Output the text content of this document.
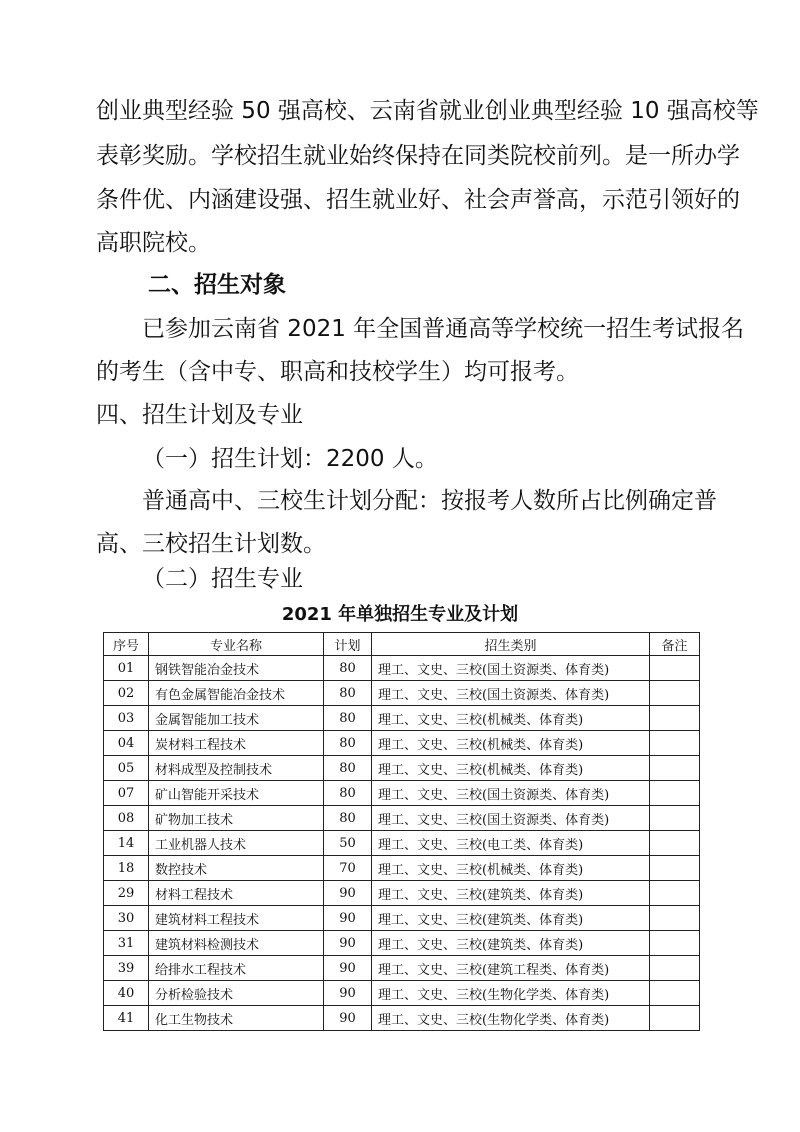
创业典型经验 50 强高校、云南省就业创业典型经验 10 强高校等
表彰奖励。学校招生就业始终保持在同类院校前列。是一所办学
条件优、内涵建设强、招生就业好、社会声誉高，示范引领好的
高职院校。
二、招生对象
已参加云南省 2021 年全国普通高等学校统一招生考试报名
的考生（含中专、职高和技校学生）均可报考。
四、招生计划及专业
（一）招生计划：2200 人。
普通高中、三校生计划分配：按报考人数所占比例确定普
高、三校招生计划数。
（二）招生专业
2021 年单独招生专业及计划
序号	专业名称	计划	招生类别	备注
01	钢铁智能冶金技术	80	理工、文史、三校(国土资源类、体育类)	
02	有色金属智能冶金技术	80	理工、文史、三校(国土资源类、体育类)	
03	金属智能加工技术	80	理工、文史、三校(机械类、体育类)	
04	炭材料工程技术	80	理工、文史、三校(机械类、体育类)	
05	材料成型及控制技术	80	理工、文史、三校(机械类、体育类)	
07	矿山智能开采技术	80	理工、文史、三校(国土资源类、体育类)	
08	矿物加工技术	80	理工、文史、三校(国土资源类、体育类)	
14	工业机器人技术	50	理工、文史、三校(电工类、体育类)	
18	数控技术	70	理工、文史、三校(机械类、体育类)	
29	材料工程技术	90	理工、文史、三校(建筑类、体育类)	
30	建筑材料工程技术	90	理工、文史、三校(建筑类、体育类)	
31	建筑材料检测技术	90	理工、文史、三校(建筑类、体育类)	
39	给排水工程技术	90	理工、文史、三校(建筑工程类、体育类)	
40	分析检验技术	90	理工、文史、三校(生物化学类、体育类)	
41	化工生物技术	90	理工、文史、三校(生物化学类、体育类)	
